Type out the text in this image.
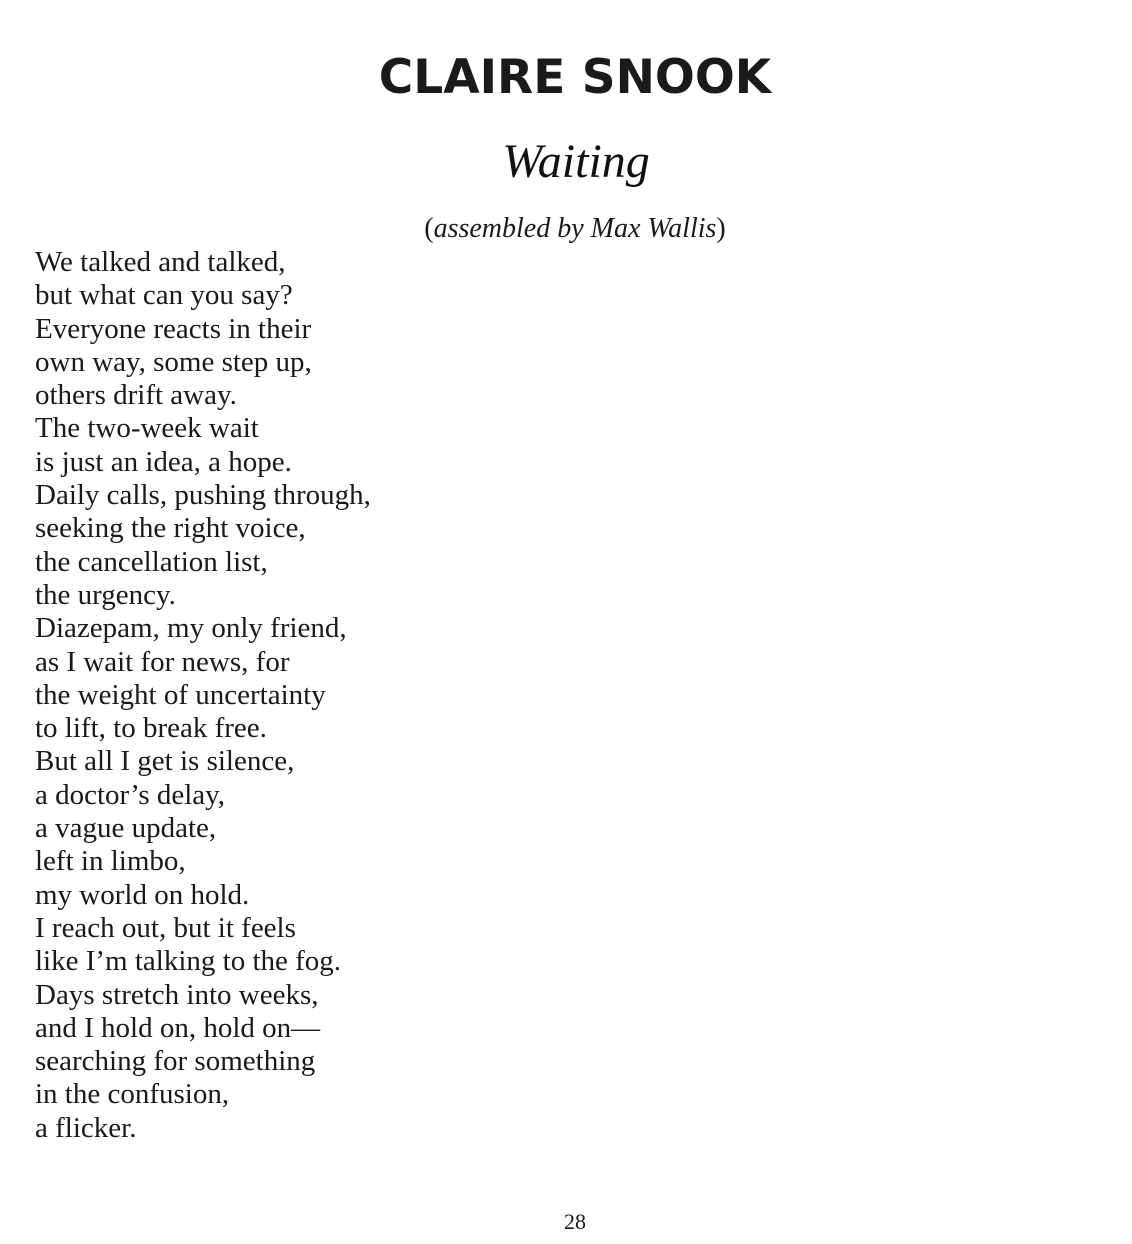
CLAIRE SNOOK
Waiting
(assembled by Max Wallis)
We talked and talked,
but what can you say?
Everyone reacts in their
own way, some step up,
others drift away.
The two-week wait
is just an idea, a hope.
Daily calls, pushing through,
seeking the right voice,
the cancellation list,
the urgency.
Diazepam, my only friend,
as I wait for news, for
the weight of uncertainty
to lift, to break free.
But all I get is silence,
a doctor’s delay,
a vague update,
left in limbo,
my world on hold.
I reach out, but it feels
like I’m talking to the fog.
Days stretch into weeks,
and I hold on, hold on—
searching for something
in the confusion,
a flicker.
28
